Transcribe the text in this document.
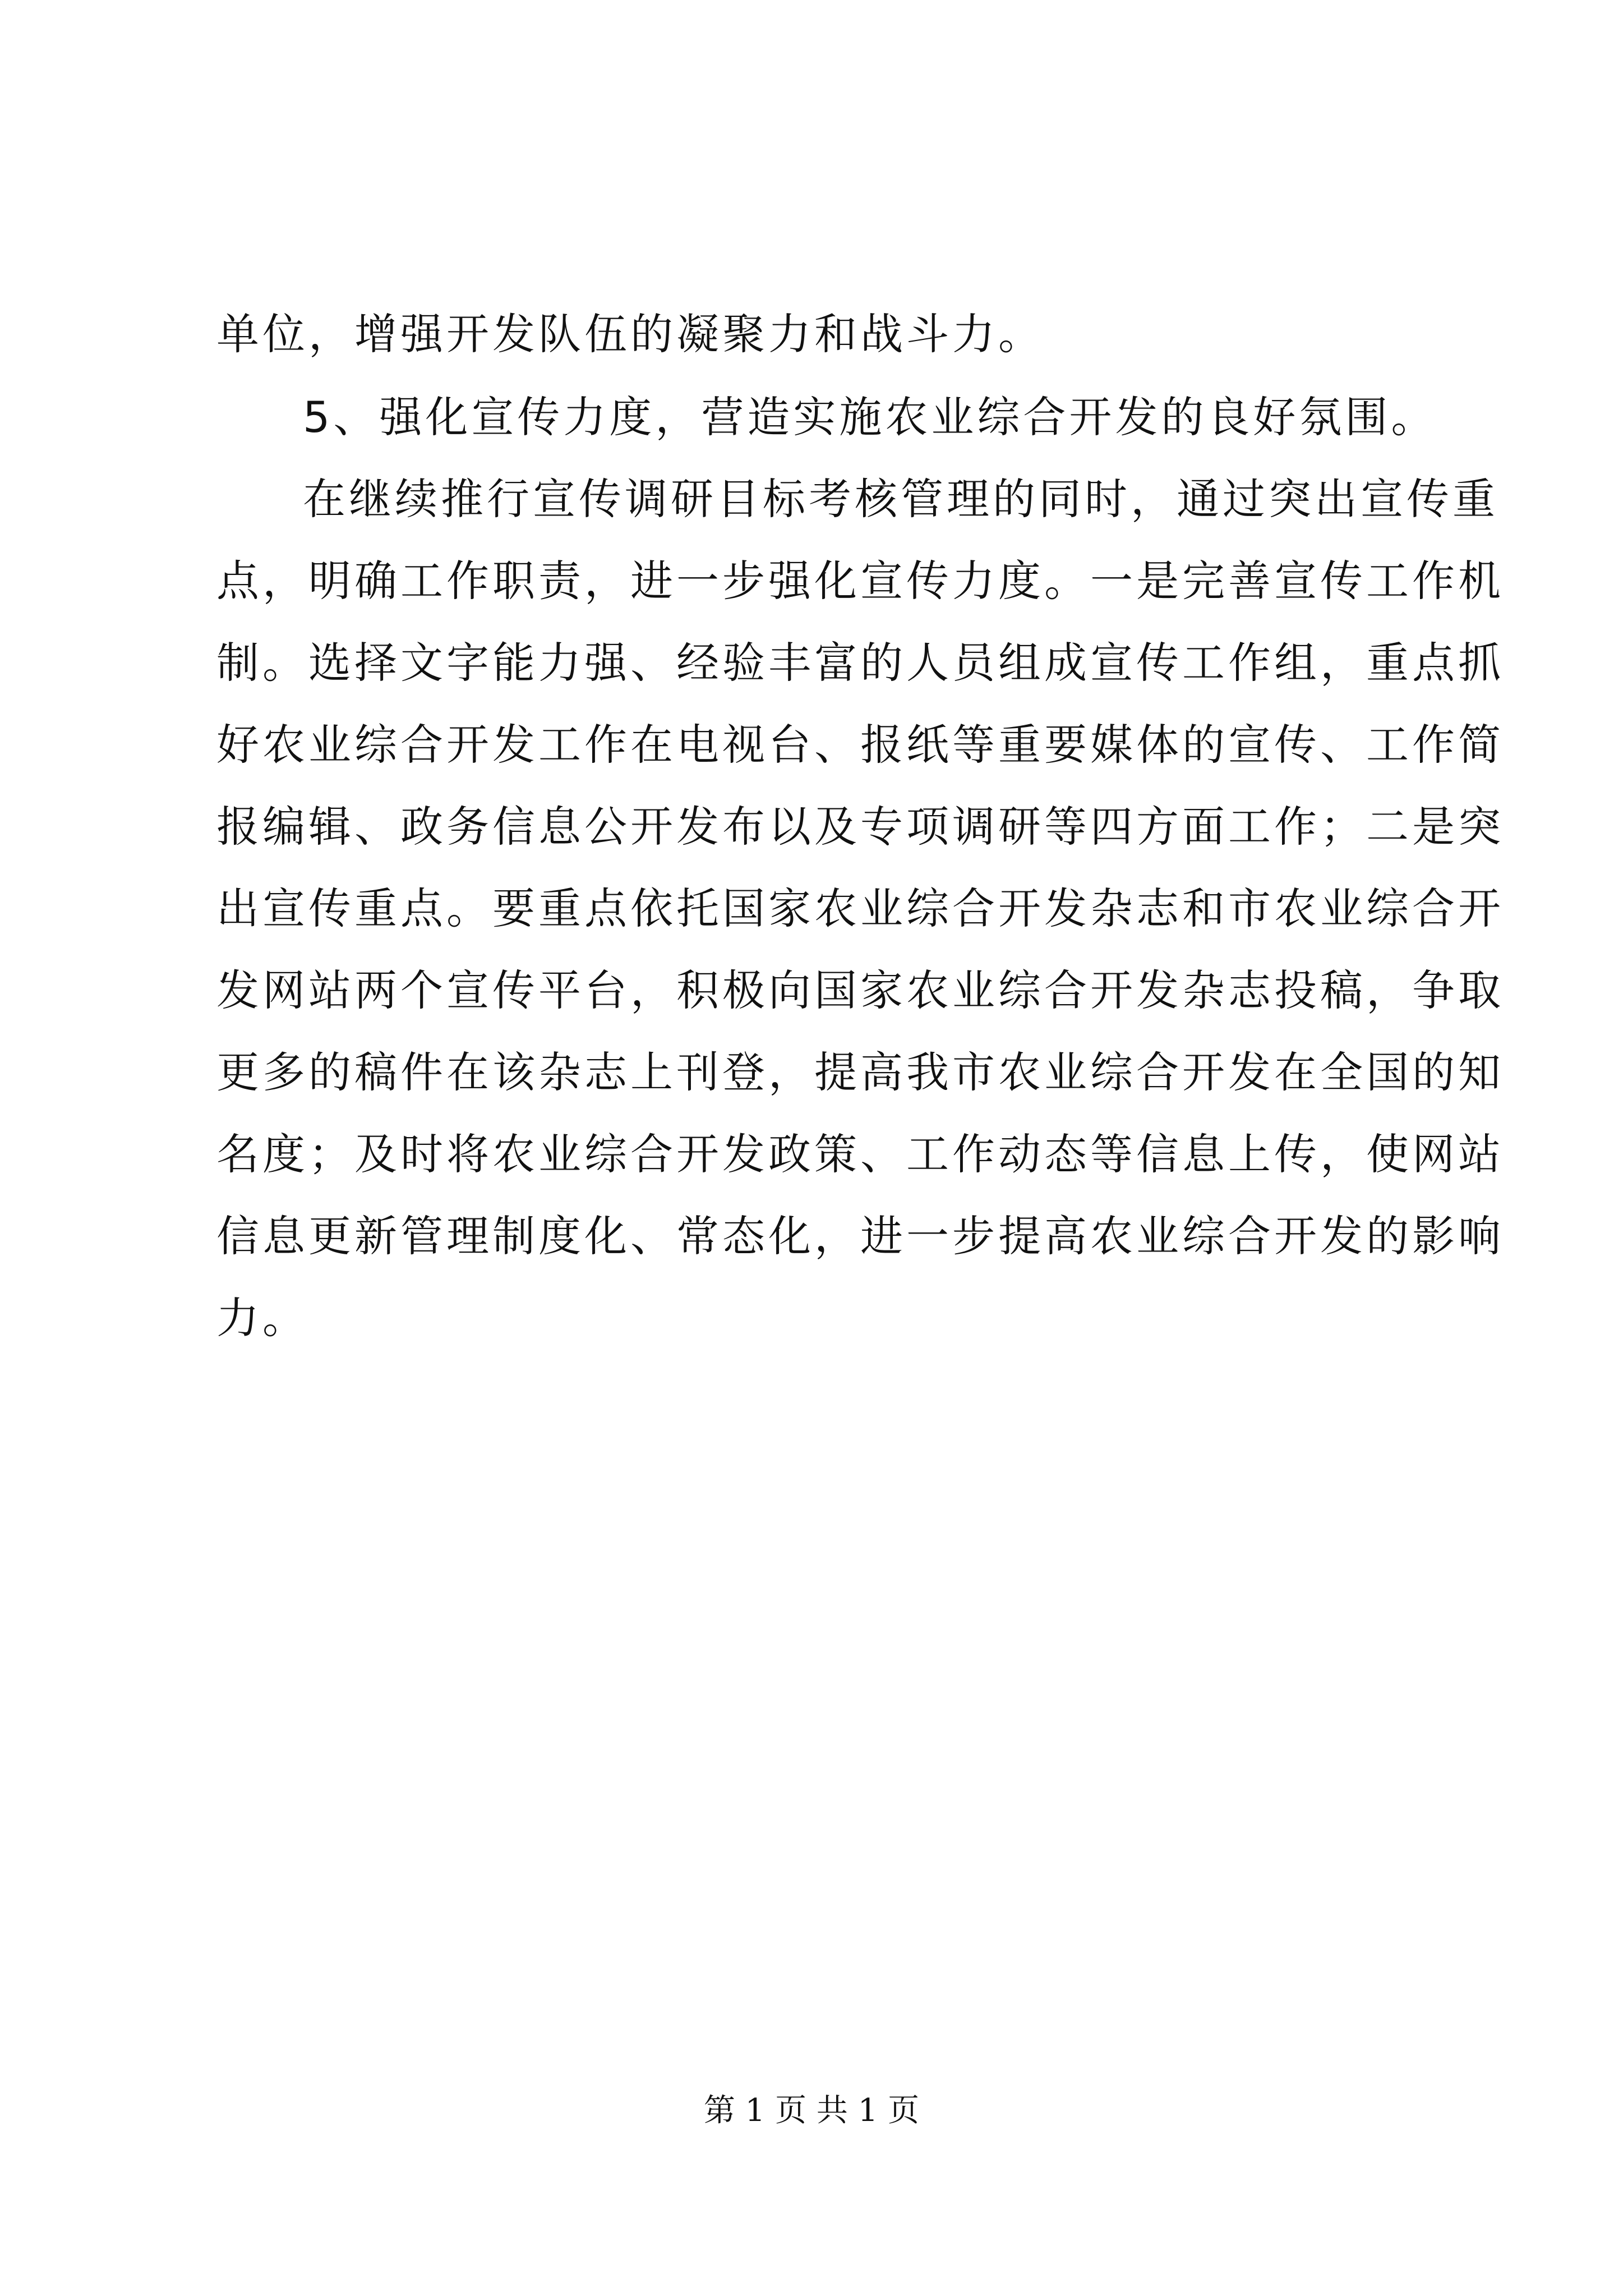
单位，增强开发队伍的凝聚力和战斗力。
5、强化宣传力度，营造实施农业综合开发的良好氛围。
在继续推行宣传调研目标考核管理的同时，通过突出宣传重
点，明确工作职责，进一步强化宣传力度。一是完善宣传工作机
制。选择文字能力强、经验丰富的人员组成宣传工作组，重点抓
好农业综合开发工作在电视台、报纸等重要媒体的宣传、工作简
报编辑、政务信息公开发布以及专项调研等四方面工作；二是突
出宣传重点。要重点依托国家农业综合开发杂志和市农业综合开
发网站两个宣传平台，积极向国家农业综合开发杂志投稿，争取
更多的稿件在该杂志上刊登，提高我市农业综合开发在全国的知
名度；及时将农业综合开发政策、工作动态等信息上传，使网站
信息更新管理制度化、常态化，进一步提高农业综合开发的影响
力。
第 1 页 共 1 页
